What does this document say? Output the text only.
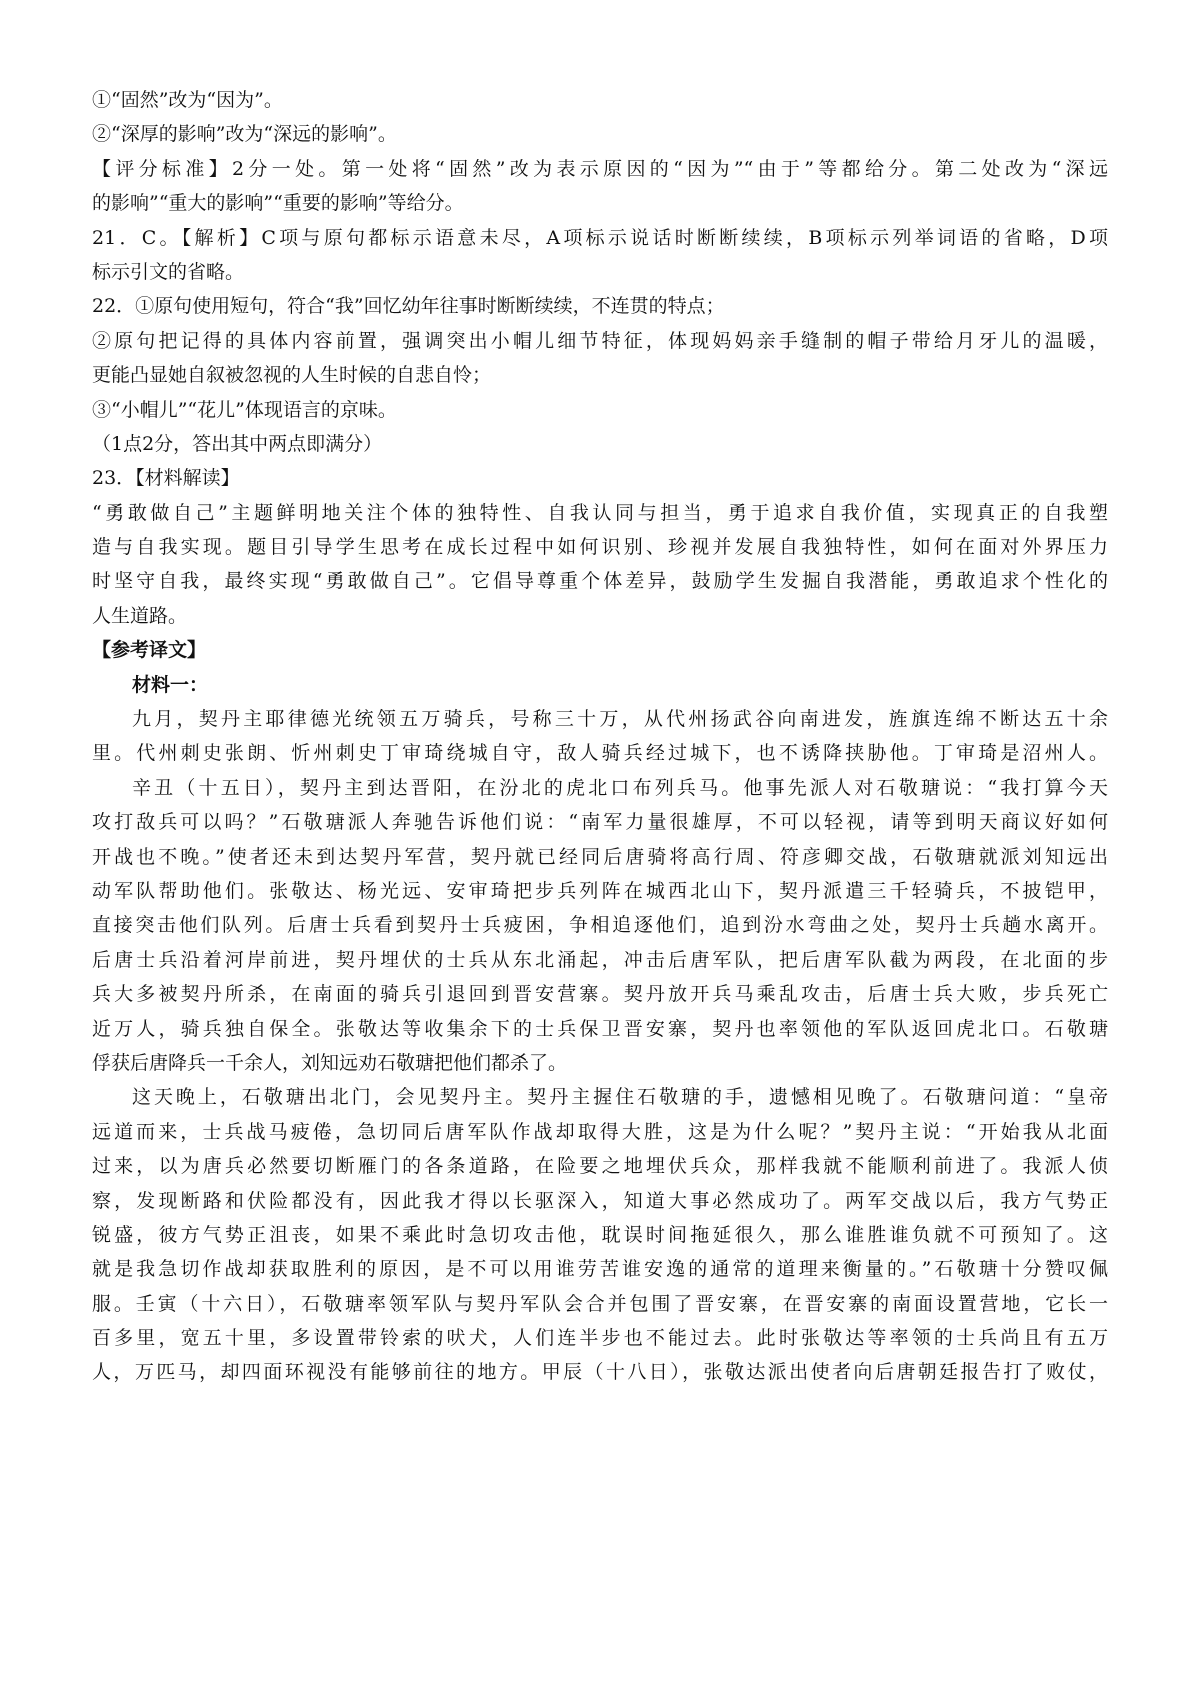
①“固然”改为“因为”。
②“深厚的影响”改为“深远的影响”。
【评分标准】2分一处。第一处将“固然”改为表示原因的“因为”“由于”等都给分。第二处改为“深远
的影响”“重大的影响”“重要的影响”等给分。
21．C。【解析】C项与原句都标示语意未尽，A项标示说话时断断续续，B项标示列举词语的省略，D项
标示引文的省略。
22．①原句使用短句，符合“我”回忆幼年往事时断断续续，不连贯的特点；
②原句把记得的具体内容前置，强调突出小帽儿细节特征，体现妈妈亲手缝制的帽子带给月牙儿的温暖，
更能凸显她自叙被忽视的人生时候的自悲自怜；
③“小帽儿”“花儿”体现语言的京味。
（1点2分，答出其中两点即满分）
23．【材料解读】
“勇敢做自己”主题鲜明地关注个体的独特性、自我认同与担当，勇于追求自我价值，实现真正的自我塑
造与自我实现。题目引导学生思考在成长过程中如何识别、珍视并发展自我独特性，如何在面对外界压力
时坚守自我，最终实现“勇敢做自己”。它倡导尊重个体差异，鼓励学生发掘自我潜能，勇敢追求个性化的
人生道路。
【参考译文】
材料一：
九月，契丹主耶律德光统领五万骑兵，号称三十万，从代州扬武谷向南进发，旌旗连绵不断达五十余
里。代州刺史张朗、忻州刺史丁审琦绕城自守，敌人骑兵经过城下，也不诱降挟胁他。丁审琦是沼州人。
辛丑（十五日），契丹主到达晋阳，在汾北的虎北口布列兵马。他事先派人对石敬瑭说：“我打算今天
攻打敌兵可以吗？”石敬瑭派人奔驰告诉他们说：“南军力量很雄厚，不可以轻视，请等到明天商议好如何
开战也不晚。”使者还未到达契丹军营，契丹就已经同后唐骑将高行周、符彦卿交战，石敬瑭就派刘知远出
动军队帮助他们。张敬达、杨光远、安审琦把步兵列阵在城西北山下，契丹派遣三千轻骑兵，不披铠甲，
直接突击他们队列。后唐士兵看到契丹士兵疲困，争相追逐他们，追到汾水弯曲之处，契丹士兵趟水离开。
后唐士兵沿着河岸前进，契丹埋伏的士兵从东北涌起，冲击后唐军队，把后唐军队截为两段，在北面的步
兵大多被契丹所杀，在南面的骑兵引退回到晋安营寨。契丹放开兵马乘乱攻击，后唐士兵大败，步兵死亡
近万人，骑兵独自保全。张敬达等收集余下的士兵保卫晋安寨，契丹也率领他的军队返回虎北口。石敬瑭
俘获后唐降兵一千余人，刘知远劝石敬瑭把他们都杀了。
这天晚上，石敬瑭出北门，会见契丹主。契丹主握住石敬瑭的手，遗憾相见晚了。石敬瑭问道：“皇帝
远道而来，士兵战马疲倦，急切同后唐军队作战却取得大胜，这是为什么呢？”契丹主说：“开始我从北面
过来，以为唐兵必然要切断雁门的各条道路，在险要之地埋伏兵众，那样我就不能顺利前进了。我派人侦
察，发现断路和伏险都没有，因此我才得以长驱深入，知道大事必然成功了。两军交战以后，我方气势正
锐盛，彼方气势正沮丧，如果不乘此时急切攻击他，耽误时间拖延很久，那么谁胜谁负就不可预知了。这
就是我急切作战却获取胜利的原因，是不可以用谁劳苦谁安逸的通常的道理来衡量的。”石敬瑭十分赞叹佩
服。壬寅（十六日），石敬瑭率领军队与契丹军队会合并包围了晋安寨，在晋安寨的南面设置营地，它长一
百多里，宽五十里，多设置带铃索的吠犬，人们连半步也不能过去。此时张敬达等率领的士兵尚且有五万
人，万匹马，却四面环视没有能够前往的地方。甲辰（十八日），张敬达派出使者向后唐朝廷报告打了败仗，
